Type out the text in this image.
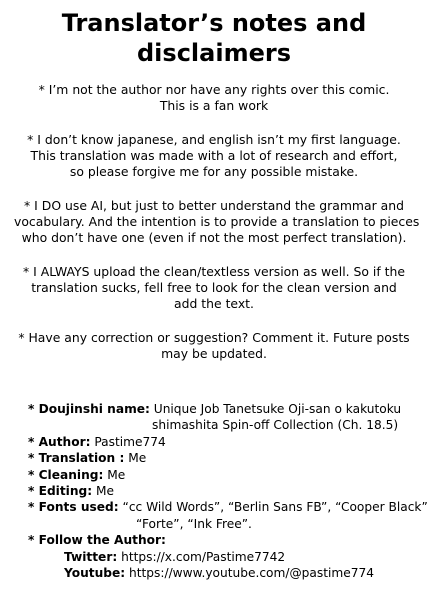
Translator’s notes and
disclaimers
* I’m not the author nor have any rights over this comic.
This is a fan work
* I don’t know japanese, and english isn’t my first language.
This translation was made with a lot of research and effort,
so please forgive me for any possible mistake.
* I DO use AI, but just to better understand the grammar and
vocabulary. And the intention is to provide a translation to pieces
who don’t have one (even if not the most perfect translation).
* I ALWAYS upload the clean/textless version as well. So if the
translation sucks, fell free to look for the clean version and
add the text.
* Have any correction or suggestion? Comment it. Future posts
may be updated.
* Doujinshi name: Unique Job Tanetsuke Oji-san o kakutoku
shimashita Spin-off Collection (Ch. 18.5)
* Author: Pastime774
* Translation : Me
* Cleaning: Me
* Editing: Me
* Fonts used: “cc Wild Words”, “Berlin Sans FB”, “Cooper Black”
“Forte”, “Ink Free”.
* Follow the Author:
Twitter: https://x.com/Pastime7742
Youtube: https://www.youtube.com/@pastime774
